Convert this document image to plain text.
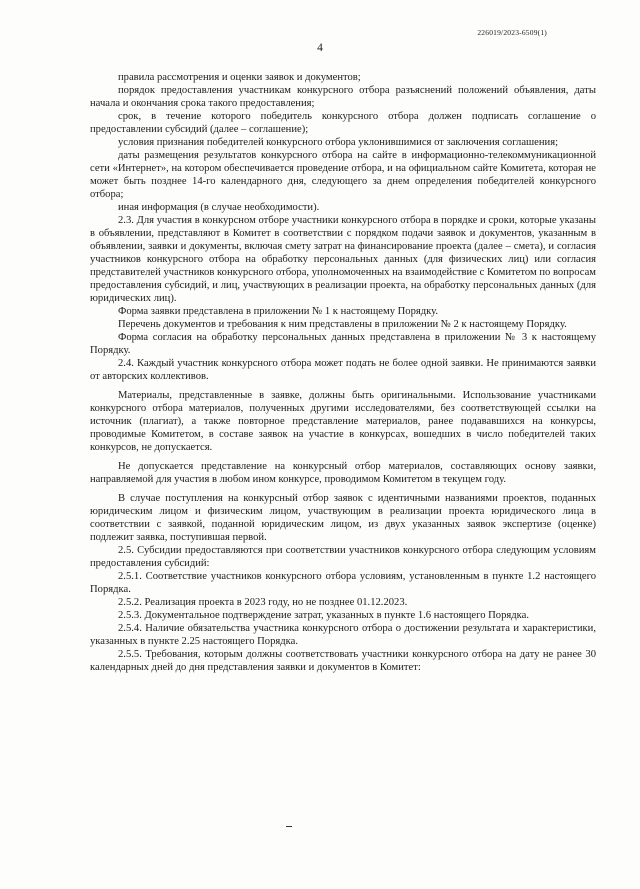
226019/2023-6509(1)
4

правила рассмотрения и оценки заявок и документов;

порядок предоставления участникам конкурсного отбора разъяснений положений объявления, даты начала и окончания срока такого предоставления;

срок, в течение которого победитель конкурсного отбора должен подписать соглашение о предоставлении субсидий (далее – соглашение);

условия признания победителей конкурсного отбора уклонившимися от заключения соглашения;

даты размещения результатов конкурсного отбора на сайте в информационно-телекоммуникационной сети «Интернет», на котором обеспечивается проведение отбора, и на официальном сайте Комитета, которая не может быть позднее 14-го календарного дня, следующего за днем определения победителей конкурсного отбора;

иная информация (в случае необходимости).

2.3. Для участия в конкурсном отборе участники конкурсного отбора в порядке и сроки, которые указаны в объявлении, представляют в Комитет в соответствии с порядком подачи заявок и документов, указанным в объявлении, заявки и документы, включая смету затрат на финансирование проекта (далее – смета), и согласия участников конкурсного отбора на обработку персональных данных (для физических лиц) или согласия представителей участников конкурсного отбора, уполномоченных на взаимодействие с Комитетом по вопросам предоставления субсидий, и лиц, участвующих в реализации проекта, на обработку персональных данных (для юридических лиц).

Форма заявки представлена в приложении № 1 к настоящему Порядку.

Перечень документов и требования к ним представлены в приложении № 2 к настоящему Порядку.

Форма согласия на обработку персональных данных представлена в приложении № 3 к настоящему Порядку.

2.4. Каждый участник конкурсного отбора может подать не более одной заявки. Не принимаются заявки от авторских коллективов.

Материалы, представленные в заявке, должны быть оригинальными. Использование участниками конкурсного отбора материалов, полученных другими исследователями, без соответствующей ссылки на источник (плагиат), а также повторное представление материалов, ранее подававшихся на конкурсы, проводимые Комитетом, в составе заявок на участие в конкурсах, вошедших в число победителей таких конкурсов, не допускается.

Не допускается представление на конкурсный отбор материалов, составляющих основу заявки, направляемой для участия в любом ином конкурсе, проводимом Комитетом в текущем году.

В случае поступления на конкурсный отбор заявок с идентичными названиями проектов, поданных юридическим лицом и физическим лицом, участвующим в реализации проекта юридического лица в соответствии с заявкой, поданной юридическим лицом, из двух указанных заявок экспертизе (оценке) подлежит заявка, поступившая первой.

2.5. Субсидии предоставляются при соответствии участников конкурсного отбора следующим условиям предоставления субсидий:

2.5.1. Соответствие участников конкурсного отбора условиям, установленным в пункте 1.2 настоящего Порядка.

2.5.2. Реализация проекта в 2023 году, но не позднее 01.12.2023.

2.5.3. Документальное подтверждение затрат, указанных в пункте 1.6 настоящего Порядка.

2.5.4. Наличие обязательства участника конкурсного отбора о достижении результата и характеристики, указанных в пункте 2.25 настоящего Порядка.

2.5.5. Требования, которым должны соответствовать участники конкурсного отбора на дату не ранее 30 календарных дней до дня представления заявки и документов в Комитет:
